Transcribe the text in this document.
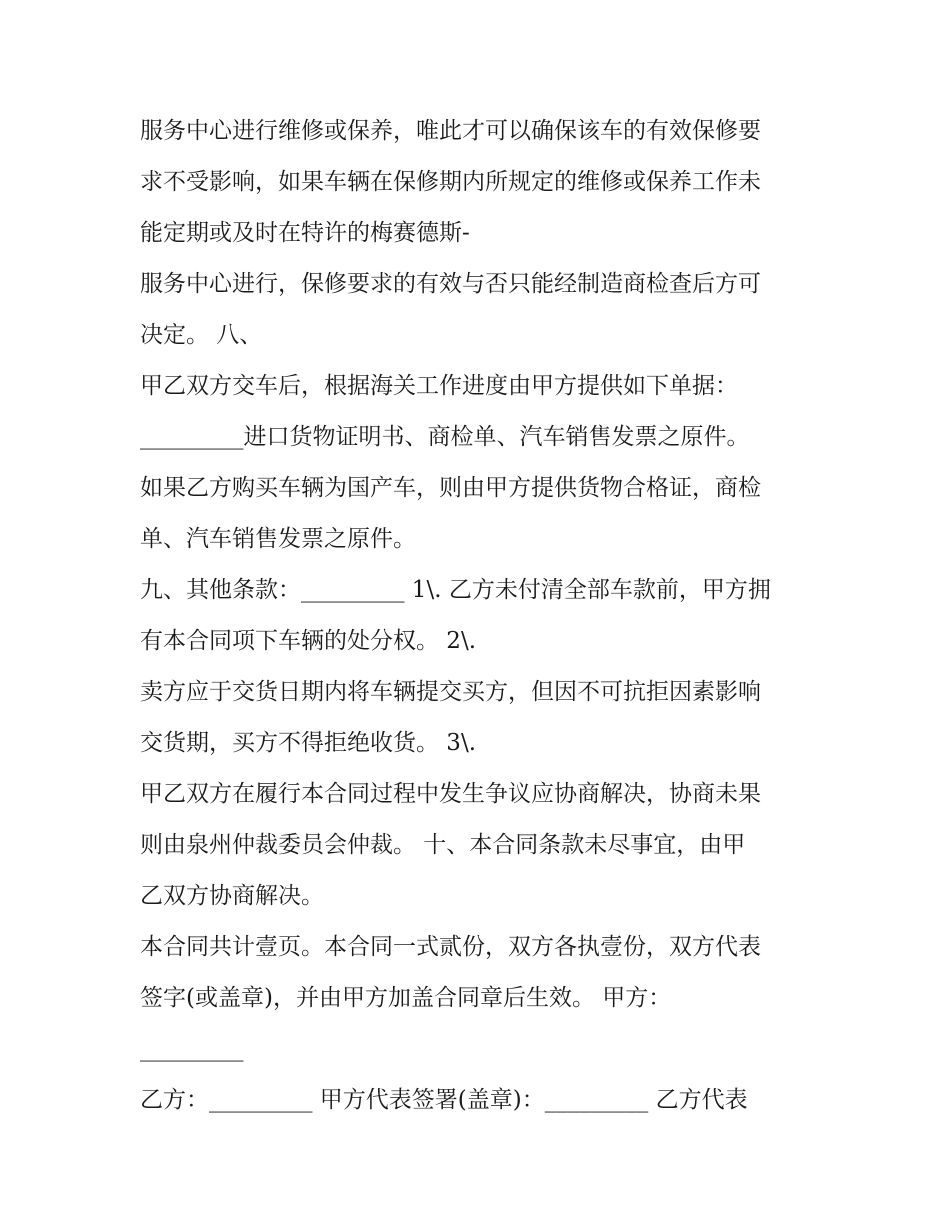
服务中心进行维修或保养，唯此才可以确保该车的有效保修要
求不受影响，如果车辆在保修期内所规定的维修或保养工作未
能定期或及时在特许的梅赛德斯-
服务中心进行，保修要求的有效与否只能经制造商检查后方可
决定。 八、
甲乙双方交车后，根据海关工作进度由甲方提供如下单据：
_________进口货物证明书、商检单、汽车销售发票之原件。
如果乙方购买车辆为国产车，则由甲方提供货物合格证，商检
单、汽车销售发票之原件。
九、其他条款：_________ 1\. 乙方未付清全部车款前，甲方拥
有本合同项下车辆的处分权。 2\.
卖方应于交货日期内将车辆提交买方，但因不可抗拒因素影响
交货期，买方不得拒绝收货。 3\.
甲乙双方在履行本合同过程中发生争议应协商解决，协商未果
则由泉州仲裁委员会仲裁。 十、本合同条款未尽事宜，由甲
乙双方协商解决。
本合同共计壹页。本合同一式贰份，双方各执壹份，双方代表
签字(或盖章)，并由甲方加盖合同章后生效。 甲方：
_________
乙方：_________ 甲方代表签署(盖章)：_________ 乙方代表
